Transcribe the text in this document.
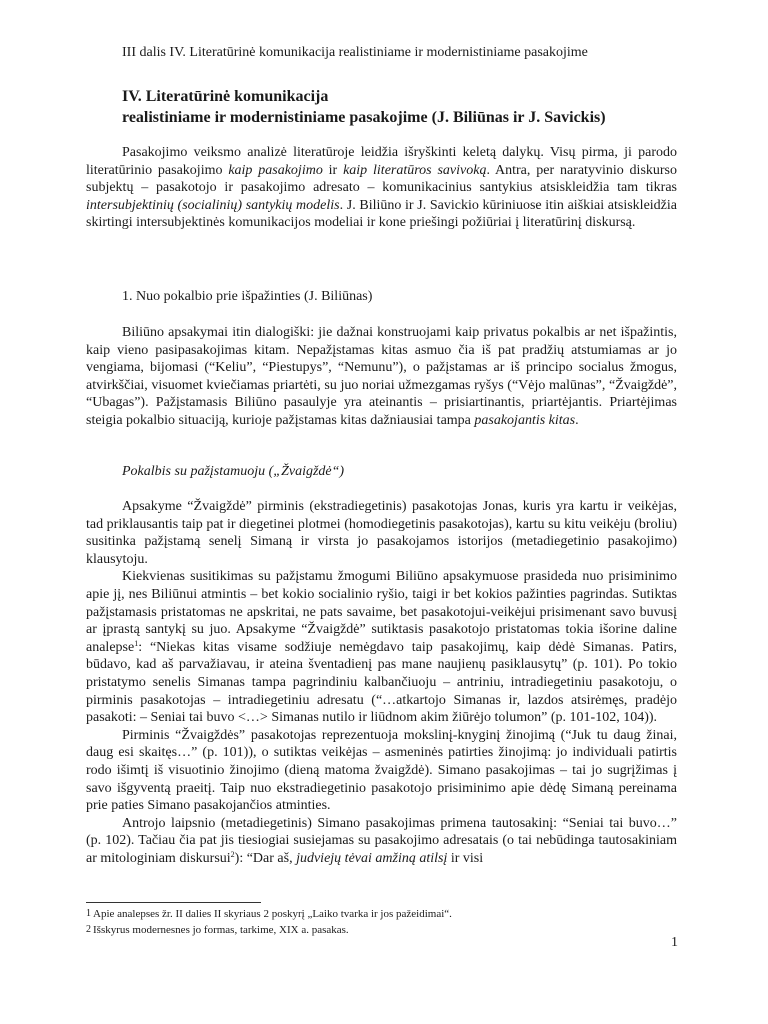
III dalis IV. Literatūrinė komunikacija realistiniame ir modernistiniame pasakojime
IV. Literatūrinė komunikacija
realistiniame ir modernistiniame pasakojime (J. Biliūnas ir J. Savickis)

Pasakojimo veiksmo analizė literatūroje leidžia išryškinti keletą dalykų. Visų pirma, ji parodo literatūrinio pasakojimo kaip pasakojimo ir kaip literatūros savivoką. Antra, per naratyvinio diskurso subjektų – pasakotojo ir pasakojimo adresato – komunikacinius santykius atsiskleidžia tam tikras intersubjektinių (socialinių) santykių modelis. J. Biliūno ir J. Savickio kūriniuose itin aiškiai atsiskleidžia skirtingi intersubjektinės komunikacijos modeliai ir kone priešingi požiūriai į literatūrinį diskursą.

1. Nuo pokalbio prie išpažinties (J. Biliūnas)

Biliūno apsakymai itin dialogiški: jie dažnai konstruojami kaip privatus pokalbis ar net išpažintis, kaip vieno pasipasakojimas kitam. Nepažįstamas kitas asmuo čia iš pat pradžių atstumiamas ar jo vengiama, bijomasi (“Keliu”, “Piestupys”, “Nemunu”), o pažįstamas ar iš principo socialus žmogus, atvirkščiai, visuomet kviečiamas priartėti, su juo noriai užmezgamas ryšys (“Vėjo malūnas”, “Žvaigždė”, “Ubagas”). Pažįstamasis Biliūno pasaulyje yra ateinantis – prisiartinantis, priartėjantis. Priartėjimas steigia pokalbio situaciją, kurioje pažįstamas kitas dažniausiai tampa pasakojantis kitas.

Pokalbis su pažįstamuoju („Žvaigždė“)

Apsakyme “Žvaigždė” pirminis (ekstradiegetinis) pasakotojas Jonas, kuris yra kartu ir veikėjas, tad priklausantis taip pat ir diegetinei plotmei (homodiegetinis pasakotojas), kartu su kitu veikėju (broliu) susitinka pažįstamą senelį Simaną ir virsta jo pasakojamos istorijos (metadiegetinio pasakojimo) klausytoju.

Kiekvienas susitikimas su pažįstamu žmogumi Biliūno apsakymuose prasideda nuo prisiminimo apie jį, nes Biliūnui atmintis – bet kokio socialinio ryšio, taigi ir bet kokios pažinties pagrindas. Sutiktas pažįstamasis pristatomas ne apskritai, ne pats savaime, bet pasakotojui-veikėjui prisimenant savo buvusį ar įprastą santykį su juo. Apsakyme “Žvaigždė” sutiktasis pasakotojo pristatomas tokia išorine daline analepse$^1$: “Niekas kitas visame sodžiuje nemėgdavo taip pasakojimų, kaip dėdė Simanas. Patirs, būdavo, kad aš parvažiavau, ir ateina šventadienį pas mane naujienų pasiklausytų” (p. 101). Po tokio pristatymo senelis Simanas tampa pagrindiniu kalbančiuoju – antriniu, intradiegetiniu pasakotoju, o pirminis pasakotojas – intradiegetiniu adresatu (“…atkartojo Simanas ir, lazdos atsirėmęs, pradėjo pasakoti: – Seniai tai buvo <…> Simanas nutilo ir liūdnom akim žiūrėjo tolumon” (p. 101-102, 104)).

Pirminis “Žvaigždės” pasakotojas reprezentuoja mokslinį-knyginį žinojimą (“Juk tu daug žinai, daug esi skaitęs…” (p. 101)), o sutiktas veikėjas – asmeninės patirties žinojimą: jo individuali patirtis rodo išimtį iš visuotinio žinojimo (dieną matoma žvaigždė). Simano pasakojimas – tai jo sugrįžimas į savo išgyventą praeitį. Taip nuo ekstradiegetinio pasakotojo prisiminimo apie dėdę Simaną pereinama prie paties Simano pasakojančios atminties.

Antrojo laipsnio (metadiegetinis) Simano pasakojimas primena tautosakinį: “Seniai tai buvo…” (p. 102). Tačiau čia pat jis tiesiogiai susiejamas su pasakojimo adresatais (o tai nebūdinga tautosakiniam ar mitologiniam diskursui$^2$): “Dar aš, judviejų tėvai amžiną atilsį ir visi

1 Apie analepses žr. II dalies II skyriaus 2 poskyrį „Laiko tvarka ir jos pažeidimai“.
2 Išskyrus modernesnes jo formas, tarkime, XIX a. pasakas.
1
